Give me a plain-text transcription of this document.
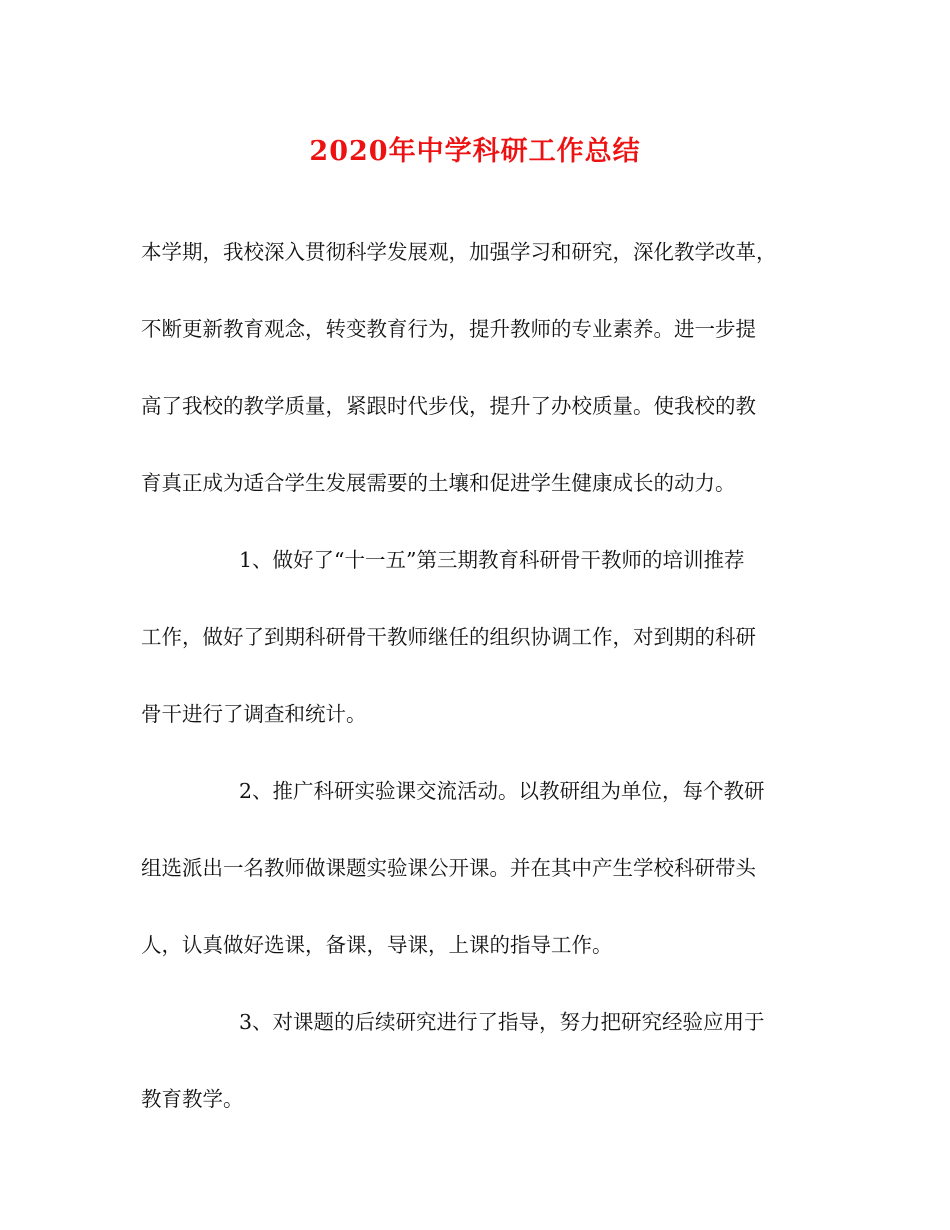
2020年中学科研工作总结

本学期，我校深入贯彻科学发展观，加强学习和研究，深化教学改革，
不断更新教育观念，转变教育行为，提升教师的专业素养。进一步提
高了我校的教学质量，紧跟时代步伐，提升了办校质量。使我校的教
育真正成为适合学生发展需要的土壤和促进学生健康成长的动力。

1、做好了“十一五”第三期教育科研骨干教师的培训推荐
工作，做好了到期科研骨干教师继任的组织协调工作，对到期的科研
骨干进行了调查和统计。

2、推广科研实验课交流活动。以教研组为单位，每个教研
组选派出一名教师做课题实验课公开课。并在其中产生学校科研带头
人，认真做好选课，备课，导课，上课的指导工作。

3、对课题的后续研究进行了指导，努力把研究经验应用于
教育教学。
